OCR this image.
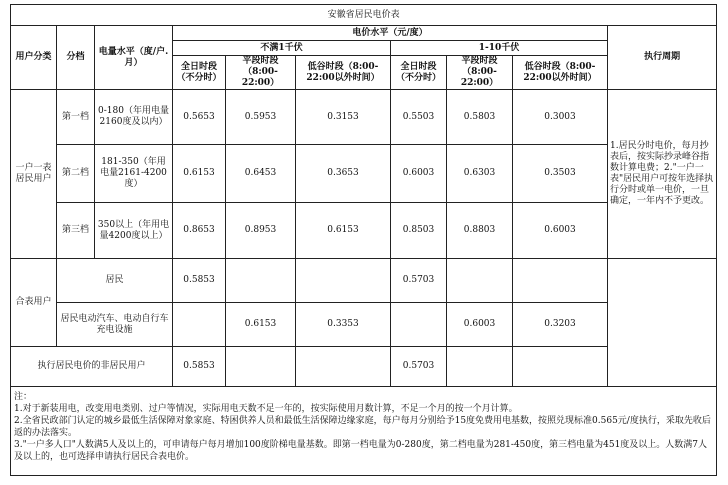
安徽省居民电价表									
用户分类	分档	电量水平（度/户.月）	电价水平（元/度）						执行周期
			不满1千伏			1-10千伏			
			全日时段（不分时）	平段时段（8:00-22:00）	低谷时段（8:00-22:00以外时间）	全日时段（不分时）	平段时段（8:00-22:00）	低谷时段（8:00-22:00以外时间）	
一户一表居民用户	第一档	0-180（年用电量2160度及以内）	0.5653	0.5953	0.3153	0.5503	0.5803	0.3003	1.居民分时电价，每月抄表后，按实际抄录峰谷指数计算电费；2."一户一表"居民用户可按年选择执行分时或单一电价，一旦确定，一年内不予更改。
	第二档	181-350（年用电量2161-4200度）	0.6153	0.6453	0.3653	0.6003	0.6303	0.3503	
	第三档	350以上（年用电量4200度以上）	0.8653	0.8953	0.6153	0.8503	0.8803	0.6003	
合表用户	居民		0.5853			0.5703			
	居民电动汽车、电动自行车充电设施			0.6153	0.3353		0.6003	0.3203	
执行居民电价的非居民用户			0.5853			0.5703			

注：
1.对于新装用电，改变用电类别、过户等情况，实际用电天数不足一年的，按实际使用月数计算，不足一个月的按一个月计算。
2.全省民政部门认定的城乡最低生活保障对象家庭、特困供养人员和最低生活保障边缘家庭，每户每月分别给予15度免费用电基数，按照兑现标准0.565元/度执行，采取先收后返的办法落实。
3."一户多人口"人数满5人及以上的，可申请每户每月增加100度阶梯电量基数。即第一档电量为0-280度，第二档电量为281-450度，第三档电量为451度及以上。人数满7人及以上的，也可选择申请执行居民合表电价。									
